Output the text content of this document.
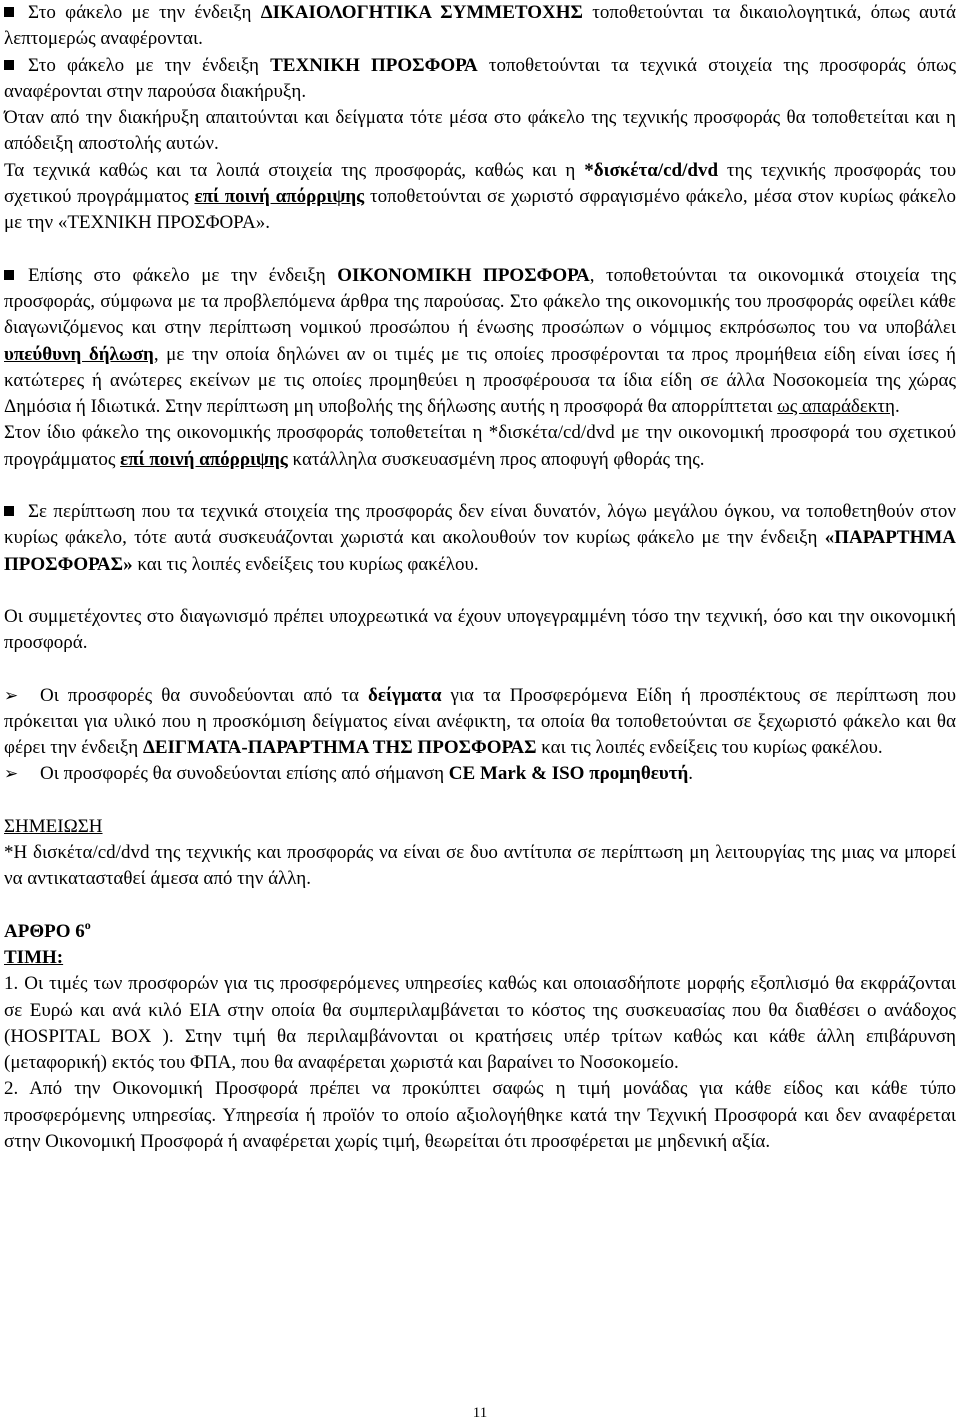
Στο φάκελο με την ένδειξη ΔΙΚΑΙΟΛΟΓΗΤΙΚΑ ΣΥΜΜΕΤΟΧΗΣ τοποθετούνται τα δικαιολογητικά, όπως αυτά λεπτομερώς αναφέρονται.

Στο φάκελο με την ένδειξη ΤΕΧΝΙΚΗ ΠΡΟΣΦΟΡΑ τοποθετούνται τα τεχνικά στοιχεία της προσφοράς όπως αναφέρονται στην παρούσα διακήρυξη.

Όταν από την διακήρυξη απαιτούνται και δείγματα τότε μέσα στο φάκελο της τεχνικής προσφοράς θα τοποθετείται και η απόδειξη αποστολής αυτών.

Τα τεχνικά καθώς και τα λοιπά στοιχεία της προσφοράς, καθώς και η *δισκέτα/cd/dvd της τεχνικής προσφοράς του σχετικού προγράμματος επί ποινή απόρριψης τοποθετούνται σε χωριστό σφραγισμένο φάκελο, μέσα στον κυρίως φάκελο με την «ΤΕΧΝΙΚΗ ΠΡΟΣΦΟΡΑ».

Επίσης στο φάκελο με την ένδειξη ΟΙΚΟΝΟΜΙΚΗ ΠΡΟΣΦΟΡΑ, τοποθετούνται τα οικονομικά στοιχεία της προσφοράς, σύμφωνα με τα προβλεπόμενα άρθρα της παρούσας. Στο φάκελο της οικονομικής του προσφοράς οφείλει κάθε διαγωνιζόμενος και στην περίπτωση νομικού προσώπου ή ένωσης προσώπων ο νόμιμος εκπρόσωπος του να υποβάλει υπεύθυνη δήλωση, με την οποία δηλώνει αν οι τιμές με τις οποίες προσφέρονται τα προς προμήθεια είδη είναι ίσες ή κατώτερες ή ανώτερες εκείνων με τις οποίες προμηθεύει η προσφέρουσα τα ίδια είδη σε άλλα Νοσοκομεία της χώρας Δημόσια ή Ιδιωτικά. Στην περίπτωση μη υποβολής της δήλωσης αυτής η προσφορά θα απορρίπτεται ως απαράδεκτη.

Στον ίδιο φάκελο της οικονομικής προσφοράς τοποθετείται η *δισκέτα/cd/dvd με την οικονομική προσφορά του σχετικού προγράμματος επί ποινή απόρριψης κατάλληλα συσκευασμένη προς αποφυγή φθοράς της.

Σε περίπτωση που τα τεχνικά στοιχεία της προσφοράς δεν είναι δυνατόν, λόγω μεγάλου όγκου, να τοποθετηθούν στον κυρίως φάκελο, τότε αυτά συσκευάζονται χωριστά και ακολουθούν τον κυρίως φάκελο με την ένδειξη «ΠΑΡΑΡΤΗΜΑ ΠΡΟΣΦΟΡΑΣ» και τις λοιπές ενδείξεις του κυρίως φακέλου.

Οι συμμετέχοντες στο διαγωνισμό πρέπει υποχρεωτικά να έχουν υπογεγραμμένη τόσο την τεχνική, όσο και την οικονομική προσφορά.

➢ Οι προσφορές θα συνοδεύονται από τα δείγματα για τα Προσφερόμενα Είδη ή προσπέκτους σε περίπτωση που πρόκειται για υλικό που η προσκόμιση δείγματος είναι ανέφικτη, τα οποία θα τοποθετούνται σε ξεχωριστό φάκελο και θα φέρει την ένδειξη ΔΕΙΓΜΑΤΑ-ΠΑΡΑΡΤΗΜΑ ΤΗΣ ΠΡΟΣΦΟΡΑΣ και τις λοιπές ενδείξεις του κυρίως φακέλου.

➢ Οι προσφορές θα συνοδεύονται επίσης από σήμανση CE Mark & ISO προμηθευτή.

ΣΗΜΕΙΩΣΗ

*Η δισκέτα/cd/dvd της τεχνικής και προσφοράς να είναι σε δυο αντίτυπα σε περίπτωση μη λειτουργίας της μιας να μπορεί να αντικατασταθεί άμεσα από την άλλη.

ΑΡΘΡΟ $6^o$

ΤΙΜΗ:

1. Οι τιμές των προσφορών για τις προσφερόμενες υπηρεσίες καθώς και οποιασδήποτε μορφής εξοπλισμό θα εκφράζονται σε Ευρώ και ανά κιλό ΕΙΑ στην οποία θα συμπεριλαμβάνεται το κόστος της συσκευασίας που θα διαθέσει ο ανάδοχος (HOSPITAL BOX ). Στην τιμή θα περιλαμβάνονται οι κρατήσεις υπέρ τρίτων καθώς και κάθε άλλη επιβάρυνση (μεταφορική) εκτός του ΦΠΑ, που θα αναφέρεται χωριστά και βαραίνει το Νοσοκομείο.

2. Από την Οικονομική Προσφορά πρέπει να προκύπτει σαφώς η τιμή μονάδας για κάθε είδος και κάθε τύπο προσφερόμενης υπηρεσίας. Υπηρεσία ή προϊόν το οποίο αξιολογήθηκε κατά την Τεχνική Προσφορά και δεν αναφέρεται στην Οικονομική Προσφορά ή αναφέρεται χωρίς τιμή, θεωρείται ότι προσφέρεται με μηδενική αξία.

11
